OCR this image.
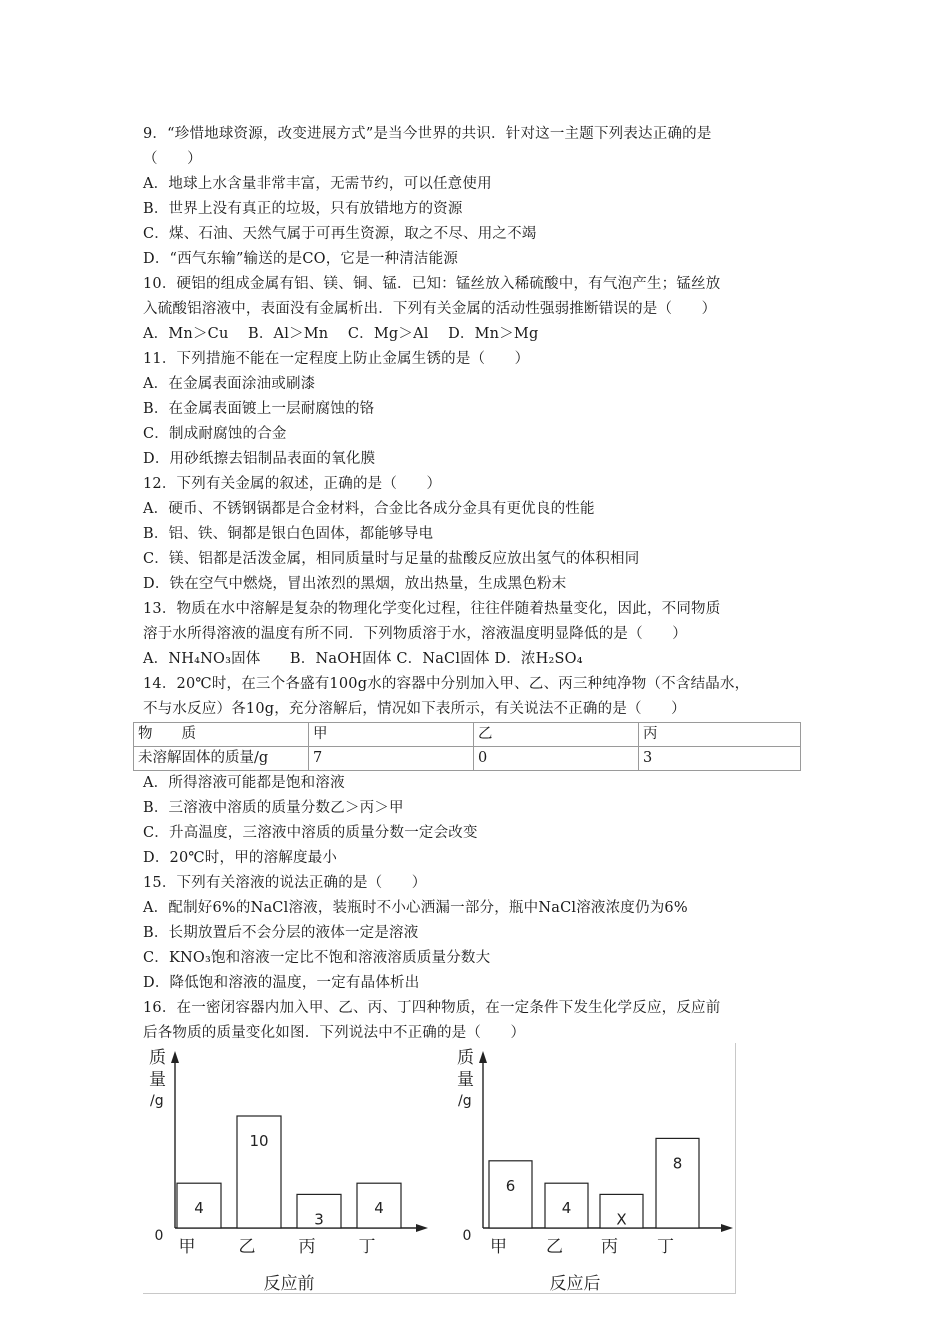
9．“珍惜地球资源，改变进展方式”是当今世界的共识．针对这一主题下列表达正确的是
（　　）
A．地球上水含量非常丰富，无需节约，可以任意使用
B．世界上没有真正的垃圾，只有放错地方的资源
C．煤、石油、天然气属于可再生资源，取之不尽、用之不竭
D．“西气东输”输送的是CO，它是一种清洁能源
10．硬铝的组成金属有铝、镁、铜、锰．已知：锰丝放入稀硫酸中，有气泡产生；锰丝放
入硫酸铝溶液中，表面没有金属析出．下列有关金属的活动性强弱推断错误的是（　　）
A．Mn＞Cu　 B．Al＞Mn　 C．Mg＞Al　 D．Mn＞Mg
11．下列措施不能在一定程度上防止金属生锈的是（　　）
A．在金属表面涂油或刷漆
B．在金属表面镀上一层耐腐蚀的铬
C．制成耐腐蚀的合金
D．用砂纸擦去铝制品表面的氧化膜
12．下列有关金属的叙述，正确的是（　　）
A．硬币、不锈钢锅都是合金材料，合金比各成分金具有更优良的性能
B．铝、铁、铜都是银白色固体，都能够导电
C．镁、铝都是活泼金属，相同质量时与足量的盐酸反应放出氢气的体积相同
D．铁在空气中燃烧，冒出浓烈的黑烟，放出热量，生成黑色粉末
13．物质在水中溶解是复杂的物理化学变化过程，往往伴随着热量变化，因此，不同物质
溶于水所得溶液的温度有所不同．下列物质溶于水，溶液温度明显降低的是（　　）
A．NH₄NO₃固体　　B．NaOH固体 C．NaCl固体 D．浓H₂SO₄
14．20℃时，在三个各盛有100g水的容器中分别加入甲、乙、丙三种纯净物（不含结晶水，
不与水反应）各10g，充分溶解后，情况如下表所示，有关说法不正确的是（　　）
物　　质	甲	乙	丙
未溶解固体的质量/g	7	0	3
A．所得溶液可能都是饱和溶液
B．三溶液中溶质的质量分数乙＞丙＞甲
C．升高温度，三溶液中溶质的质量分数一定会改变
D．20℃时，甲的溶解度最小
15．下列有关溶液的说法正确的是（　　）
A．配制好6%的NaCl溶液，装瓶时不小心洒漏一部分，瓶中NaCl溶液浓度仍为6%
B．长期放置后不会分层的液体一定是溶液
C．KNO₃饱和溶液一定比不饱和溶液溶质质量分数大
D．降低饱和溶液的温度，一定有晶体析出
16．在一密闭容器内加入甲、乙、丙、丁四种物质，在一定条件下发生化学反应，反应前
后各物质的质量变化如图．下列说法中不正确的是（　　）
质
量
/g
0
4
甲
10
乙
3
丙
4
丁
反应前
质
量
/g
0
6
甲
4
乙
X
丙
8
丁
反应后
